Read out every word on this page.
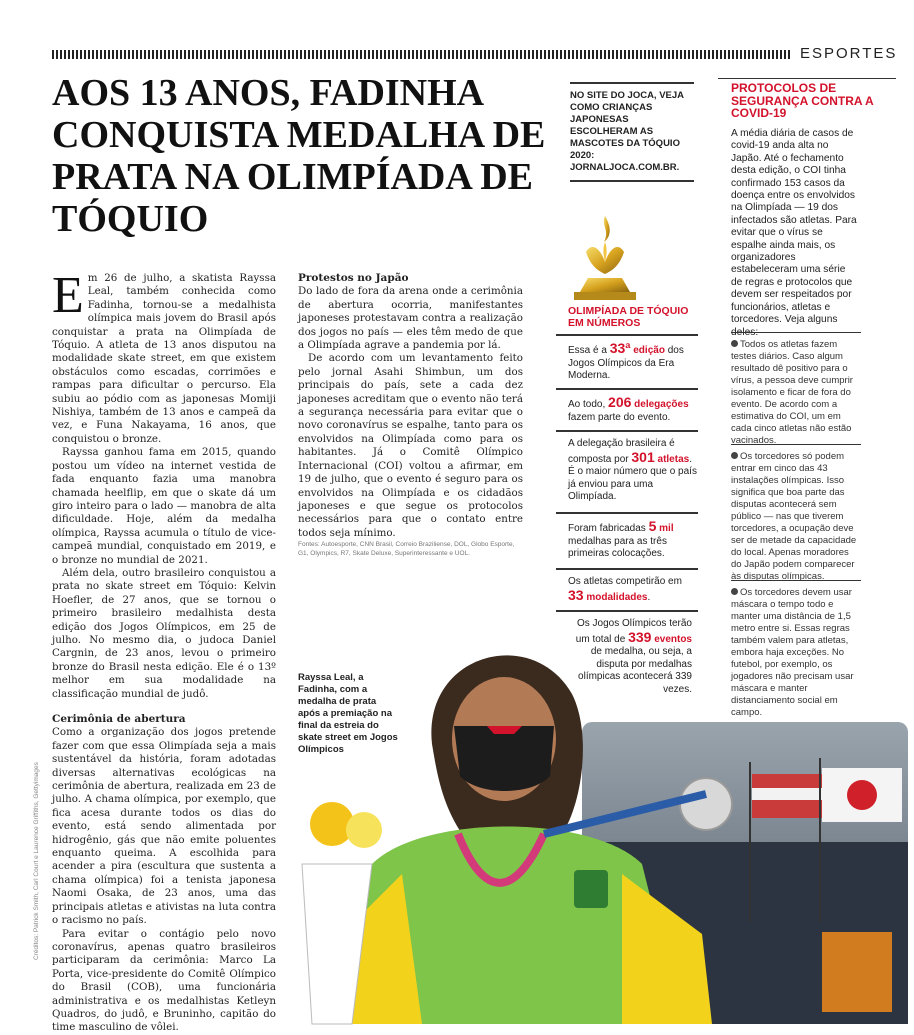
ESPORTES
AOS 13 ANOS, FADINHA CONQUISTA MEDALHA DE PRATA NA OLIMPÍADA DE TÓQUIO
NO SITE DO JOCA, VEJA COMO CRIANÇAS JAPONESAS ESCOLHERAM AS MASCOTES DA TÓQUIO 2020: JORNALJOCA.COM.BR.
E m 26 de julho, a skatista Rayssa Leal, também conhecida como Fadinha, tornou-se a medalhista olímpica mais jovem do Brasil após conquistar a prata na Olimpíada de Tóquio. A atleta de 13 anos disputou na modalidade skate street, em que existem obstáculos como escadas, corrimões e rampas para dificultar o percurso. Ela subiu ao pódio com as japonesas Momiji Nishiya, também de 13 anos e campeã da vez, e Funa Nakayama, 16 anos, que conquistou o bronze.

Rayssa ganhou fama em 2015, quando postou um vídeo na internet vestida de fada enquanto fazia uma manobra chamada heelflip, em que o skate dá um giro inteiro para o lado — manobra de alta dificuldade. Hoje, além da medalha olímpica, Rayssa acumula o título de vice-campeã mundial, conquistado em 2019, e o bronze no mundial de 2021.

Além dela, outro brasileiro conquistou a prata no skate street em Tóquio: Kelvin Hoefler, de 27 anos, que se tornou o primeiro brasileiro medalhista desta edição dos Jogos Olímpicos, em 25 de julho. No mesmo dia, o judoca Daniel Cargnin, de 23 anos, levou o primeiro bronze do Brasil nesta edição. Ele é o 13º melhor em sua modalidade na classificação mundial de judô.

Cerimônia de abertura

Como a organização dos jogos pretende fazer com que essa Olimpíada seja a mais sustentável da história, foram adotadas diversas alternativas ecológicas na cerimônia de abertura, realizada em 23 de julho. A chama olímpica, por exemplo, que fica acesa durante todos os dias do evento, está sendo alimentada por hidrogênio, gás que não emite poluentes enquanto queima. A escolhida para acender a pira (escultura que sustenta a chama olímpica) foi a tenista japonesa Naomi Osaka, de 23 anos, uma das principais atletas e ativistas na luta contra o racismo no país.

Para evitar o contágio pelo novo coronavírus, apenas quatro brasileiros participaram da cerimônia: Marco La Porta, vice-presidente do Comitê Olímpico do Brasil (COB), uma funcionária administrativa e os medalhistas Ketleyn Quadros, do judô, e Bruninho, capitão do time masculino de vôlei.

Protestos no Japão

Do lado de fora da arena onde a cerimônia de abertura ocorria, manifestantes japoneses protestavam contra a realização dos jogos no país — eles têm medo de que a Olimpíada agrave a pandemia por lá.

De acordo com um levantamento feito pelo jornal Asahi Shimbun, um dos principais do país, sete a cada dez japoneses acreditam que o evento não terá a segurança necessária para evitar que o novo coronavírus se espalhe, tanto para os envolvidos na Olimpíada como para os habitantes. Já o Comitê Olímpico Internacional (COI) voltou a afirmar, em 19 de julho, que o evento é seguro para os envolvidos na Olimpíada e os cidadãos japoneses e que segue os protocolos necessários para que o contato entre todos seja mínimo.

Fontes: Autoesporte, CNN Brasil, Correio Braziliense, DOL, Globo Esporte, G1, Olympics, R7, Skate Deluxe, Superinteressante e UOL.
Créditos: Patrick Smith, Carl Court e Laurence Griffiths, Gettyimages
OLIMPÍADA DE TÓQUIO EM NÚMEROS
Essa é a 33ª edição dos Jogos Olímpicos da Era Moderna.
Ao todo, 206 delegações fazem parte do evento.
A delegação brasileira é composta por 301 atletas. É o maior número que o país já enviou para uma Olimpíada.
Foram fabricadas 5 mil medalhas para as três primeiras colocações.
Os atletas competirão em 33 modalidades.
Os Jogos Olímpicos terão um total de 339 eventos de medalha, ou seja, a disputa por medalhas olímpicas acontecerá 339 vezes.
PROTOCOLOS DE SEGURANÇA CONTRA A COVID-19
A média diária de casos de covid-19 anda alta no Japão. Até o fechamento desta edição, o COI tinha confirmado 153 casos da doença entre os envolvidos na Olimpíada — 19 dos infectados são atletas. Para evitar que o vírus se espalhe ainda mais, os organizadores estabeleceram uma série de regras e protocolos que devem ser respeitados por funcionários, atletas e torcedores. Veja alguns deles:
Todos os atletas fazem testes diários. Caso algum resultado dê positivo para o vírus, a pessoa deve cumprir isolamento e ficar de fora do evento. De acordo com a estimativa do COI, um em cada cinco atletas não estão vacinados.
Os torcedores só podem entrar em cinco das 43 instalações olímpicas. Isso significa que boa parte das disputas acontecerá sem público — nas que tiverem torcedores, a ocupação deve ser de metade da capacidade do local. Apenas moradores do Japão podem comparecer às disputas olímpicas.
Os torcedores devem usar máscara o tempo todo e manter uma distância de 1,5 metro entre si. Essas regras também valem para atletas, embora haja exceções. No futebol, por exemplo, os jogadores não precisam usar máscara e manter distanciamento social em campo.
Rayssa Leal, a Fadinha, com a medalha de prata após a premiação na final da estreia do skate street em Jogos Olímpicos
